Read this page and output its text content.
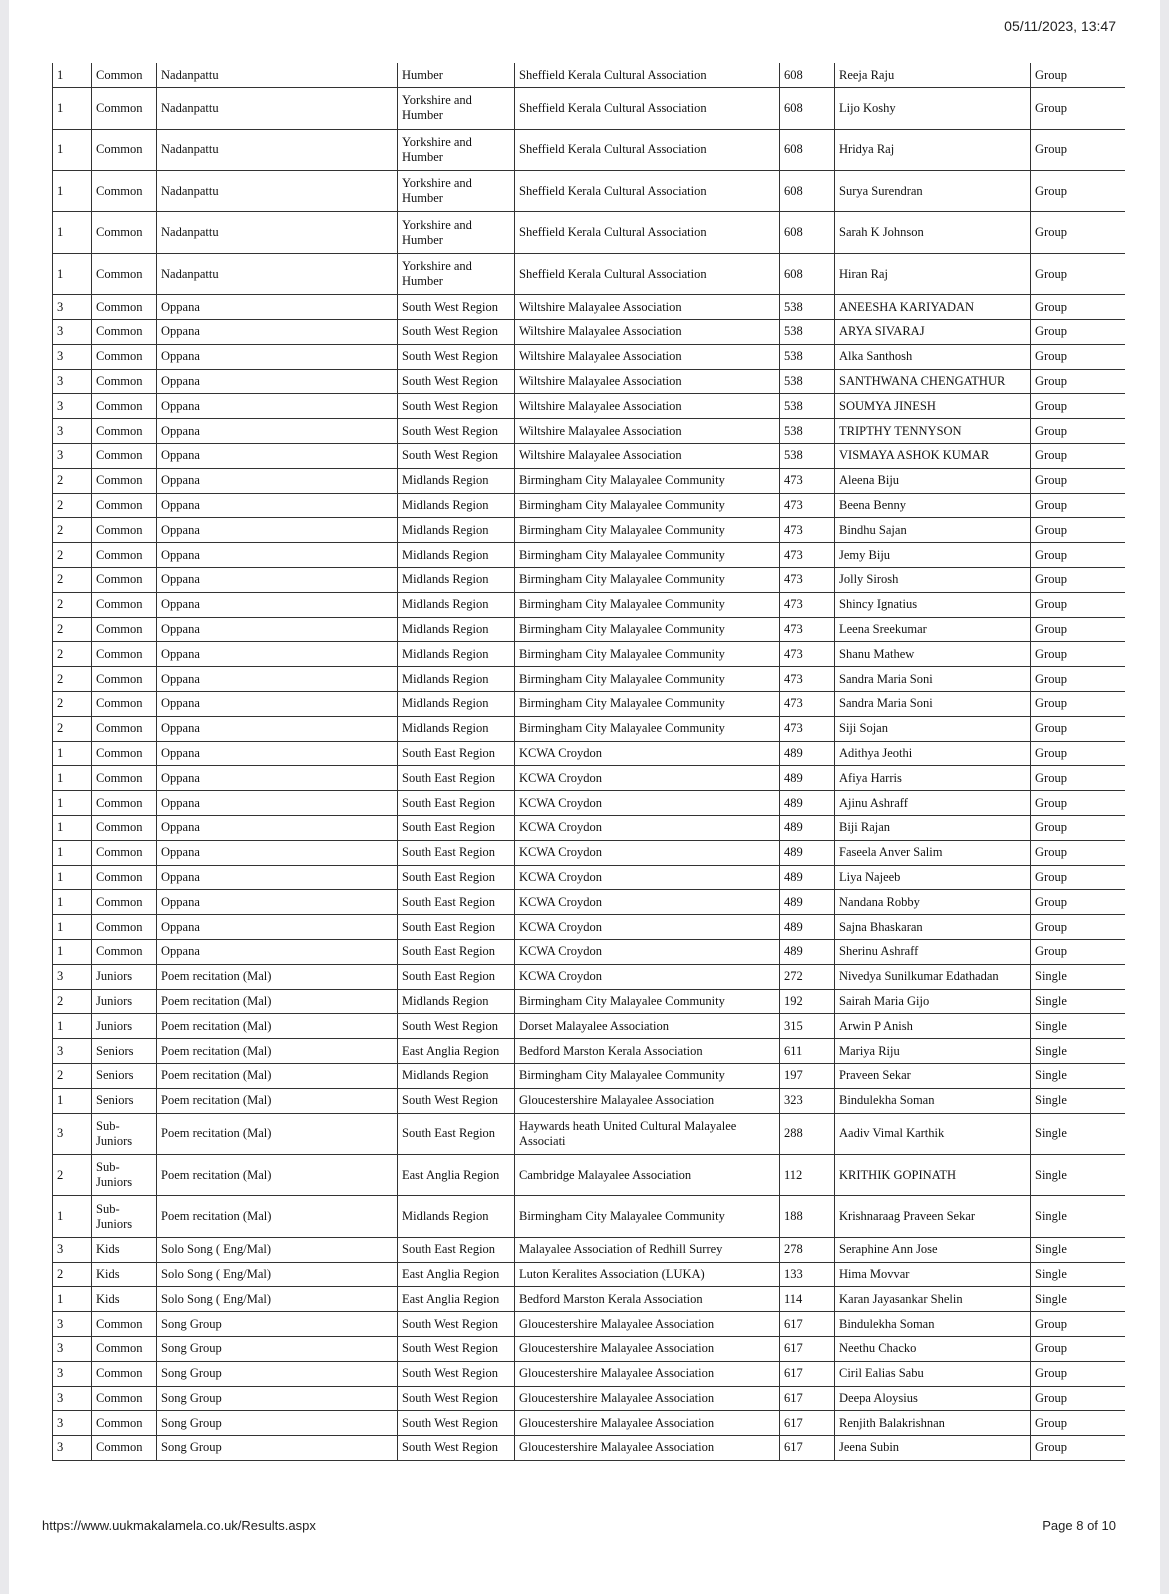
05/11/2023, 13:47
1	Common	Nadanpattu	Humber	Sheffield Kerala Cultural Association	608	Reeja Raju	Group
1	Common	Nadanpattu	Yorkshire and Humber	Sheffield Kerala Cultural Association	608	Lijo Koshy	Group
1	Common	Nadanpattu	Yorkshire and Humber	Sheffield Kerala Cultural Association	608	Hridya Raj	Group
1	Common	Nadanpattu	Yorkshire and Humber	Sheffield Kerala Cultural Association	608	Surya Surendran	Group
1	Common	Nadanpattu	Yorkshire and Humber	Sheffield Kerala Cultural Association	608	Sarah K Johnson	Group
1	Common	Nadanpattu	Yorkshire and Humber	Sheffield Kerala Cultural Association	608	Hiran Raj	Group
3	Common	Oppana	South West Region	Wiltshire Malayalee Association	538	ANEESHA KARIYADAN	Group
3	Common	Oppana	South West Region	Wiltshire Malayalee Association	538	ARYA SIVARAJ	Group
3	Common	Oppana	South West Region	Wiltshire Malayalee Association	538	Alka Santhosh	Group
3	Common	Oppana	South West Region	Wiltshire Malayalee Association	538	SANTHWANA CHENGATHUR	Group
3	Common	Oppana	South West Region	Wiltshire Malayalee Association	538	SOUMYA JINESH	Group
3	Common	Oppana	South West Region	Wiltshire Malayalee Association	538	TRIPTHY TENNYSON	Group
3	Common	Oppana	South West Region	Wiltshire Malayalee Association	538	VISMAYA ASHOK KUMAR	Group
2	Common	Oppana	Midlands Region	Birmingham City Malayalee Community	473	Aleena Biju	Group
2	Common	Oppana	Midlands Region	Birmingham City Malayalee Community	473	Beena Benny	Group
2	Common	Oppana	Midlands Region	Birmingham City Malayalee Community	473	Bindhu Sajan	Group
2	Common	Oppana	Midlands Region	Birmingham City Malayalee Community	473	Jemy Biju	Group
2	Common	Oppana	Midlands Region	Birmingham City Malayalee Community	473	Jolly Sirosh	Group
2	Common	Oppana	Midlands Region	Birmingham City Malayalee Community	473	Shincy Ignatius	Group
2	Common	Oppana	Midlands Region	Birmingham City Malayalee Community	473	Leena Sreekumar	Group
2	Common	Oppana	Midlands Region	Birmingham City Malayalee Community	473	Shanu Mathew	Group
2	Common	Oppana	Midlands Region	Birmingham City Malayalee Community	473	Sandra Maria Soni	Group
2	Common	Oppana	Midlands Region	Birmingham City Malayalee Community	473	Sandra Maria Soni	Group
2	Common	Oppana	Midlands Region	Birmingham City Malayalee Community	473	Siji Sojan	Group
1	Common	Oppana	South East Region	KCWA Croydon	489	Adithya Jeothi	Group
1	Common	Oppana	South East Region	KCWA Croydon	489	Afiya Harris	Group
1	Common	Oppana	South East Region	KCWA Croydon	489	Ajinu Ashraff	Group
1	Common	Oppana	South East Region	KCWA Croydon	489	Biji Rajan	Group
1	Common	Oppana	South East Region	KCWA Croydon	489	Faseela Anver Salim	Group
1	Common	Oppana	South East Region	KCWA Croydon	489	Liya Najeeb	Group
1	Common	Oppana	South East Region	KCWA Croydon	489	Nandana Robby	Group
1	Common	Oppana	South East Region	KCWA Croydon	489	Sajna Bhaskaran	Group
1	Common	Oppana	South East Region	KCWA Croydon	489	Sherinu Ashraff	Group
3	Juniors	Poem recitation (Mal)	South East Region	KCWA Croydon	272	Nivedya Sunilkumar Edathadan	Single
2	Juniors	Poem recitation (Mal)	Midlands Region	Birmingham City Malayalee Community	192	Sairah Maria Gijo	Single
1	Juniors	Poem recitation (Mal)	South West Region	Dorset Malayalee Association	315	Arwin P Anish	Single
3	Seniors	Poem recitation (Mal)	East Anglia Region	Bedford Marston Kerala Association	611	Mariya Riju	Single
2	Seniors	Poem recitation (Mal)	Midlands Region	Birmingham City Malayalee Community	197	Praveen Sekar	Single
1	Seniors	Poem recitation (Mal)	South West Region	Gloucestershire Malayalee Association	323	Bindulekha Soman	Single
3	Sub-Juniors	Poem recitation (Mal)	South East Region	Haywards heath United Cultural Malayalee Associati	288	Aadiv Vimal Karthik	Single
2	Sub-Juniors	Poem recitation (Mal)	East Anglia Region	Cambridge Malayalee Association	112	KRITHIK GOPINATH	Single
1	Sub-Juniors	Poem recitation (Mal)	Midlands Region	Birmingham City Malayalee Community	188	Krishnaraag Praveen Sekar	Single
3	Kids	Solo Song ( Eng/Mal)	South East Region	Malayalee Association of Redhill Surrey	278	Seraphine Ann Jose	Single
2	Kids	Solo Song ( Eng/Mal)	East Anglia Region	Luton Keralites Association (LUKA)	133	Hima Movvar	Single
1	Kids	Solo Song ( Eng/Mal)	East Anglia Region	Bedford Marston Kerala Association	114	Karan Jayasankar Shelin	Single
3	Common	Song Group	South West Region	Gloucestershire Malayalee Association	617	Bindulekha Soman	Group
3	Common	Song Group	South West Region	Gloucestershire Malayalee Association	617	Neethu Chacko	Group
3	Common	Song Group	South West Region	Gloucestershire Malayalee Association	617	Ciril Ealias Sabu	Group
3	Common	Song Group	South West Region	Gloucestershire Malayalee Association	617	Deepa Aloysius	Group
3	Common	Song Group	South West Region	Gloucestershire Malayalee Association	617	Renjith Balakrishnan	Group
3	Common	Song Group	South West Region	Gloucestershire Malayalee Association	617	Jeena Subin	Group
https://www.uukmakalamela.co.uk/Results.aspx	Page 8 of 10
